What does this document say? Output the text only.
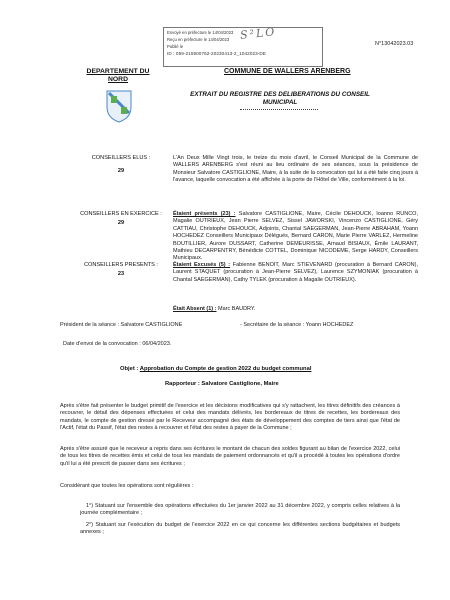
Envoyé en préfecture le 14/04/2023
Reçu en préfecture le 14/04/2023
Publié le
ID : 059-215900762-20230413-2_1042023-DE
S²LO
N°13042023.03
DEPARTEMENT DU NORD
COMMUNE DE WALLERS ARENBERG
EXTRAIT DU REGISTRE DES DELIBERATIONS DU CONSEIL MUNICIPAL
CONSEILLERS ELUS :
29
CONSEILLERS EN EXERCICE :
29
CONSEILLERS PRESENTS :
23
L'An Deux Mille Vingt trois, le treize du mois d'avril, le Conseil Municipal de la Commune de WALLERS ARENBERG s'est réuni au lieu ordinaire de ses séances, sous la présidence de Monsieur Salvatore CASTIGLIONE, Maire, à la suite de la convocation qui lui a été faite cinq jours à l'avance, laquelle convocation a été affichée à la porte de l'Hôtel de Ville, conformément à la loi.
Étaient présents (23) : Salvatore CASTIGLIONE, Maire, Cécile DEHOUCK, Ioanno RUNCO, Magalie OUTRIEUX, Jean Pierre SELVEZ, Sissel JAWORSKI, Vincenzo CASTIGLIONE, Géry CATTIAU, Christophe DEHOUCK, Adjoints, Chantal SAEGERMAN, Jean-Pierre ABRAHAM, Yoann HOCHEDEZ Conseillers Municipaux Délégués, Bernard CARON, Marie Pierre VARLEZ, Hermeline BOUTILLIER, Aurore DUSSART, Catherine DEMEURISSE, Arnaud BISIAUX, Émile LAURANT, Mathieu DECARPENTRY, Bénédicte COTTEL, Dominique NICODEME, Serge HARDY, Conseillers Municipaux.
Étaient Excusés (5) : Fabienne BENOIT, Marc STIEVENARD (procuration à Bernard CARON), Laurent STAQUET (procuration à Jean-Pierre SELVEZ), Laurence SZYMONIAK (procuration à Chantal SAEGERMAN), Cathy TYLEK (procuration à Magalie OUTRIEUX).
Était Absent (1) : Marc BAUDRY.
Président de la séance : Salvatore CASTIGLIONE	- Secrétaire de la séance : Yoann HOCHEDEZ
Date d'envoi de la convocation : 06/04/2023.
Objet : Approbation du Compte de gestion 2022 du budget communal
Rapporteur : Salvatore Castiglione, Maire
Après s'être fait présenter le budget primitif de l'exercice et les décisions modificatives qui s'y rattachent, les titres définitifs des créances à recouvrer, le détail des dépenses effectuées et celui des mandats délivrés, les bordereaux de titres de recettes, les bordereaux des mandats, le compte de gestion dressé par le Receveur accompagné des états de développement des comptes de tiers ainsi que l'état de l'Actif, l'état du Passif, l'état des restes à recouvrer et l'état des restes à payer de la Commune ;
Après s'être assuré que le receveur a repris dans ses écritures le montant de chacun des soldes figurant au bilan de l'exercice 2022, celui de tous les titres de recettes émis et celui de tous les mandats de paiement ordonnancés et qu'il a procédé à toutes les opérations d'ordre qu'il lui a été prescrit de passer dans ses écritures ;
Considérant que toutes les opérations sont régulières :
1°) Statuant sur l'ensemble des opérations effectuées du 1er janvier 2022 au 31 décembre 2022, y compris celles relatives à la journée complémentaire ;
2°) Statuant sur l'exécution du budget de l'exercice 2022 en ce qui concerne les différentes sections budgétaires et budgets annexes ;
